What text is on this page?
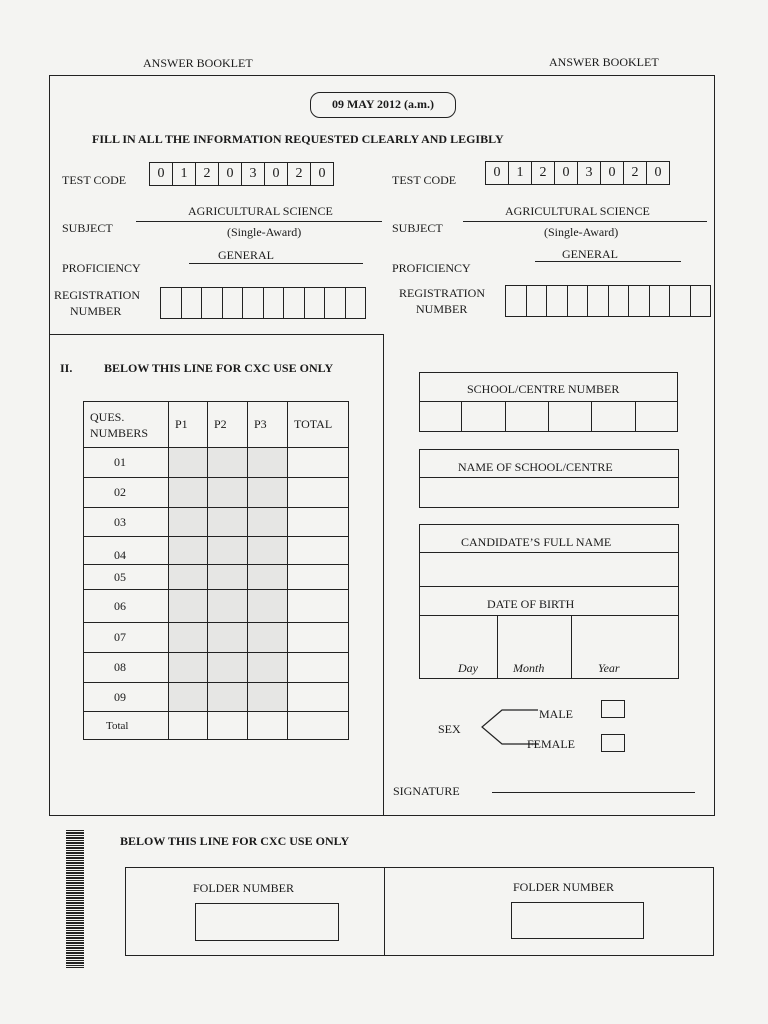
ANSWER BOOKLET	ANSWER BOOKLET
09 MAY 2012 (a.m.)
FILL IN ALL THE INFORMATION REQUESTED CLEARLY AND LEGIBLY
TEST CODE	0	1	2	0	3	0	2	0
SUBJECT
AGRICULTURAL SCIENCE
(Single-Award)
PROFICIENCY
GENERAL
REGISTRATION
NUMBER
TEST CODE	0	1	2	0	3	0	2	0
SUBJECT
AGRICULTURAL SCIENCE
(Single-Award)
PROFICIENCY
GENERAL
REGISTRATION
NUMBER
II.	BELOW THIS LINE FOR CXC USE ONLY
QUES.
NUMBERS	P1	P2	P3	TOTAL
01				
02				
03				
04				
05				
06				
07				
08				
09				
Total				
SCHOOL/CENTRE NUMBER
NAME OF SCHOOL/CENTRE
CANDIDATE’S FULL NAME
DATE OF BIRTH
Day	Month	Year
SEX
MALE
FEMALE
SIGNATURE
BELOW THIS LINE FOR CXC USE ONLY
FOLDER NUMBER	FOLDER NUMBER
